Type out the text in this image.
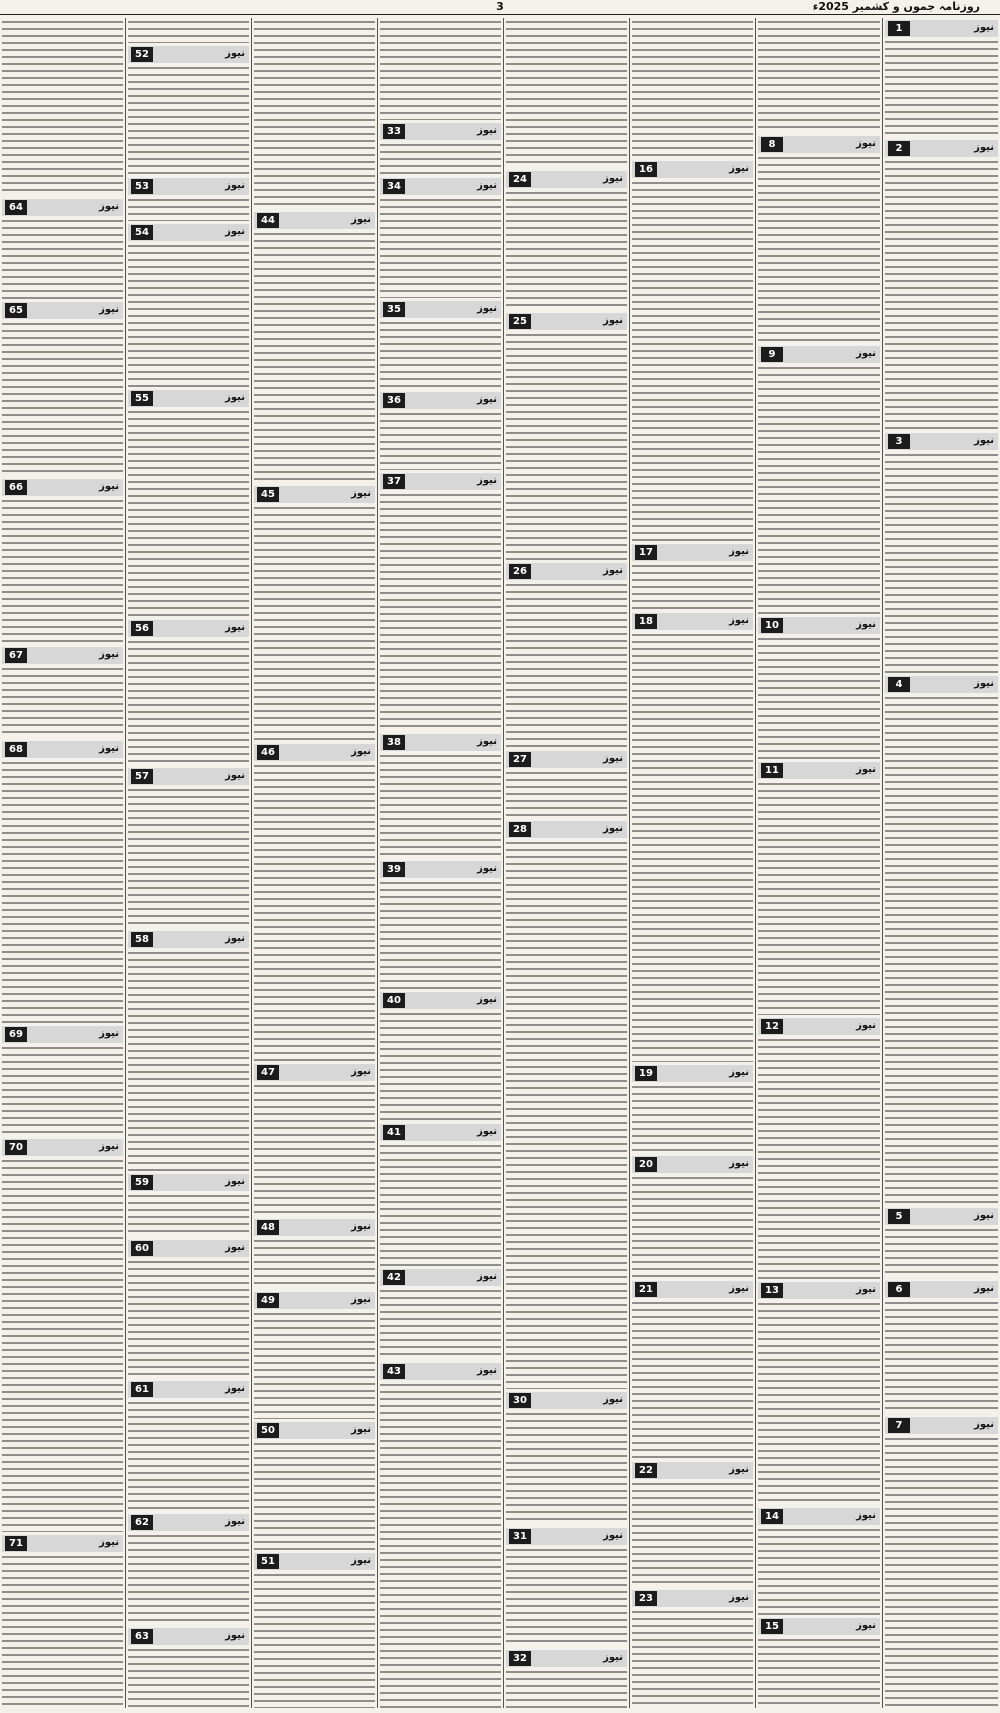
3	روزنامہ جموں و کشمیر 2025ء
1	نیوز
2	نیوز
3	نیوز
4	نیوز
5	نیوز
6	نیوز
7	نیوز
8	نیوز
9	نیوز
10	نیوز
11	نیوز
12	نیوز
13	نیوز
14	نیوز
15	نیوز
16	نیوز
17	نیوز
18	نیوز
19	نیوز
20	نیوز
21	نیوز
22	نیوز
23	نیوز
24	نیوز
25	نیوز
26	نیوز
27	نیوز
28	نیوز
30	نیوز
31	نیوز
32	نیوز
33	نیوز
34	نیوز
35	نیوز
36	نیوز
37	نیوز
38	نیوز
39	نیوز
40	نیوز
41	نیوز
42	نیوز
43	نیوز
44	نیوز
45	نیوز
46	نیوز
47	نیوز
48	نیوز
49	نیوز
50	نیوز
51	نیوز
52	نیوز
53	نیوز
54	نیوز
55	نیوز
56	نیوز
57	نیوز
58	نیوز
59	نیوز
60	نیوز
61	نیوز
62	نیوز
63	نیوز
64	نیوز
65	نیوز
66	نیوز
67	نیوز
68	نیوز
69	نیوز
70	نیوز
71	نیوز
